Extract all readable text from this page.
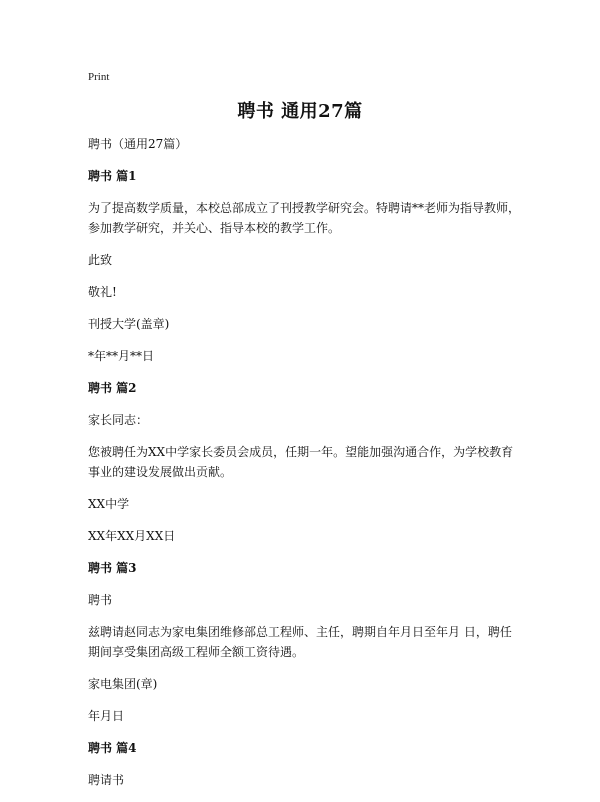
Print
聘书 通用27篇
聘书（通用27篇）
聘书 篇1
为了提高数学质量，本校总部成立了刊授教学研究会。特聘请**老师为指导教师，参加教学研究，并关心、指导本校的教学工作。
此致
敬礼!
刊授大学(盖章)
*年**月**日
聘书 篇2
家长同志：
您被聘任为XX中学家长委员会成员，任期一年。望能加强沟通合作，为学校教育事业的建设发展做出贡献。
XX中学
XX年XX月XX日
聘书 篇3
聘书
兹聘请赵同志为家电集团维修部总工程师、主任，聘期自年月日至年月 日，聘任期间享受集团高级工程师全额工资待遇。
家电集团(章)
年月日
聘书 篇4
聘请书
